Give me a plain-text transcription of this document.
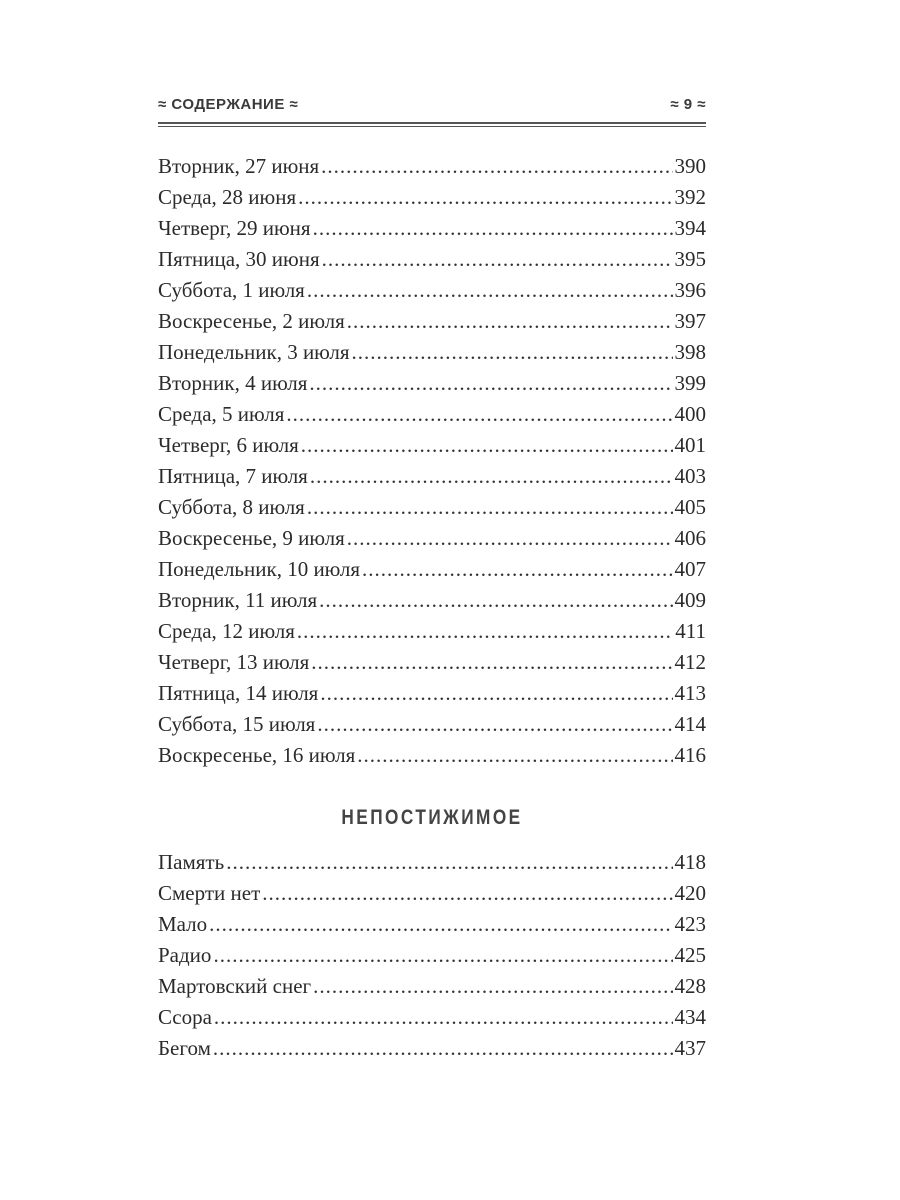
≈ СОДЕРЖАНИЕ ≈	≈ 9 ≈
Вторник, 27 июня .....	390
Среда, 28 июня .....	392
Четверг, 29 июня .....	394
Пятница, 30 июня .....	395
Суббота, 1 июля .....	396
Воскресенье, 2 июля .....	397
Понедельник, 3 июля .....	398
Вторник, 4 июля .....	399
Среда, 5 июля .....	400
Четверг, 6 июля .....	401
Пятница, 7 июля .....	403
Суббота, 8 июля .....	405
Воскресенье, 9 июля .....	406
Понедельник, 10 июля .....	407
Вторник, 11 июля .....	409
Среда, 12 июля .....	411
Четверг, 13 июля .....	412
Пятница, 14 июля .....	413
Суббота, 15 июля .....	414
Воскресенье, 16 июля .....	416
НЕПОСТИЖИМОЕ
Память .....	418
Смерти нет .....	420
Мало .....	423
Радио .....	425
Мартовский снег .....	428
Ссора .....	434
Бегом .....	437
